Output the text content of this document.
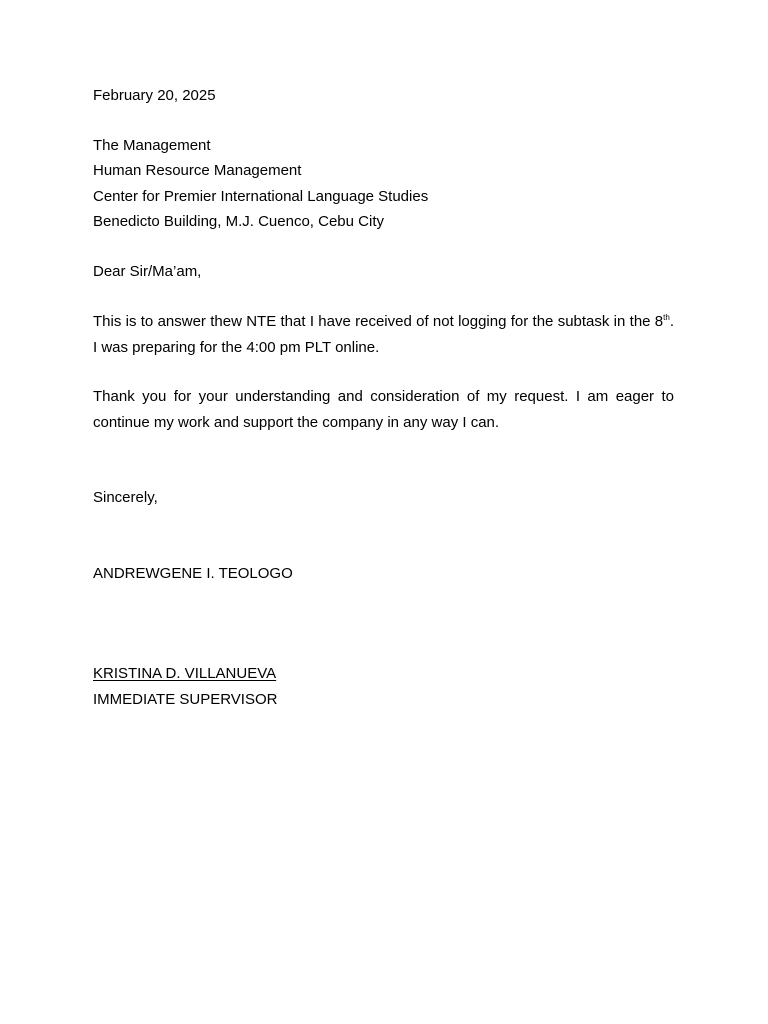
February 20, 2025
The Management
Human Resource Management
Center for Premier International Language Studies
Benedicto Building, M.J. Cuenco, Cebu City
Dear Sir/Ma’am,
This is to answer thew NTE that I have received of not logging for the subtask in the 8th. I was preparing for the 4:00 pm PLT online.
Thank you for your understanding and consideration of my request. I am eager to continue my work and support the company in any way I can.
Sincerely,
ANDREWGENE I. TEOLOGO
KRISTINA D. VILLANUEVA
IMMEDIATE SUPERVISOR
